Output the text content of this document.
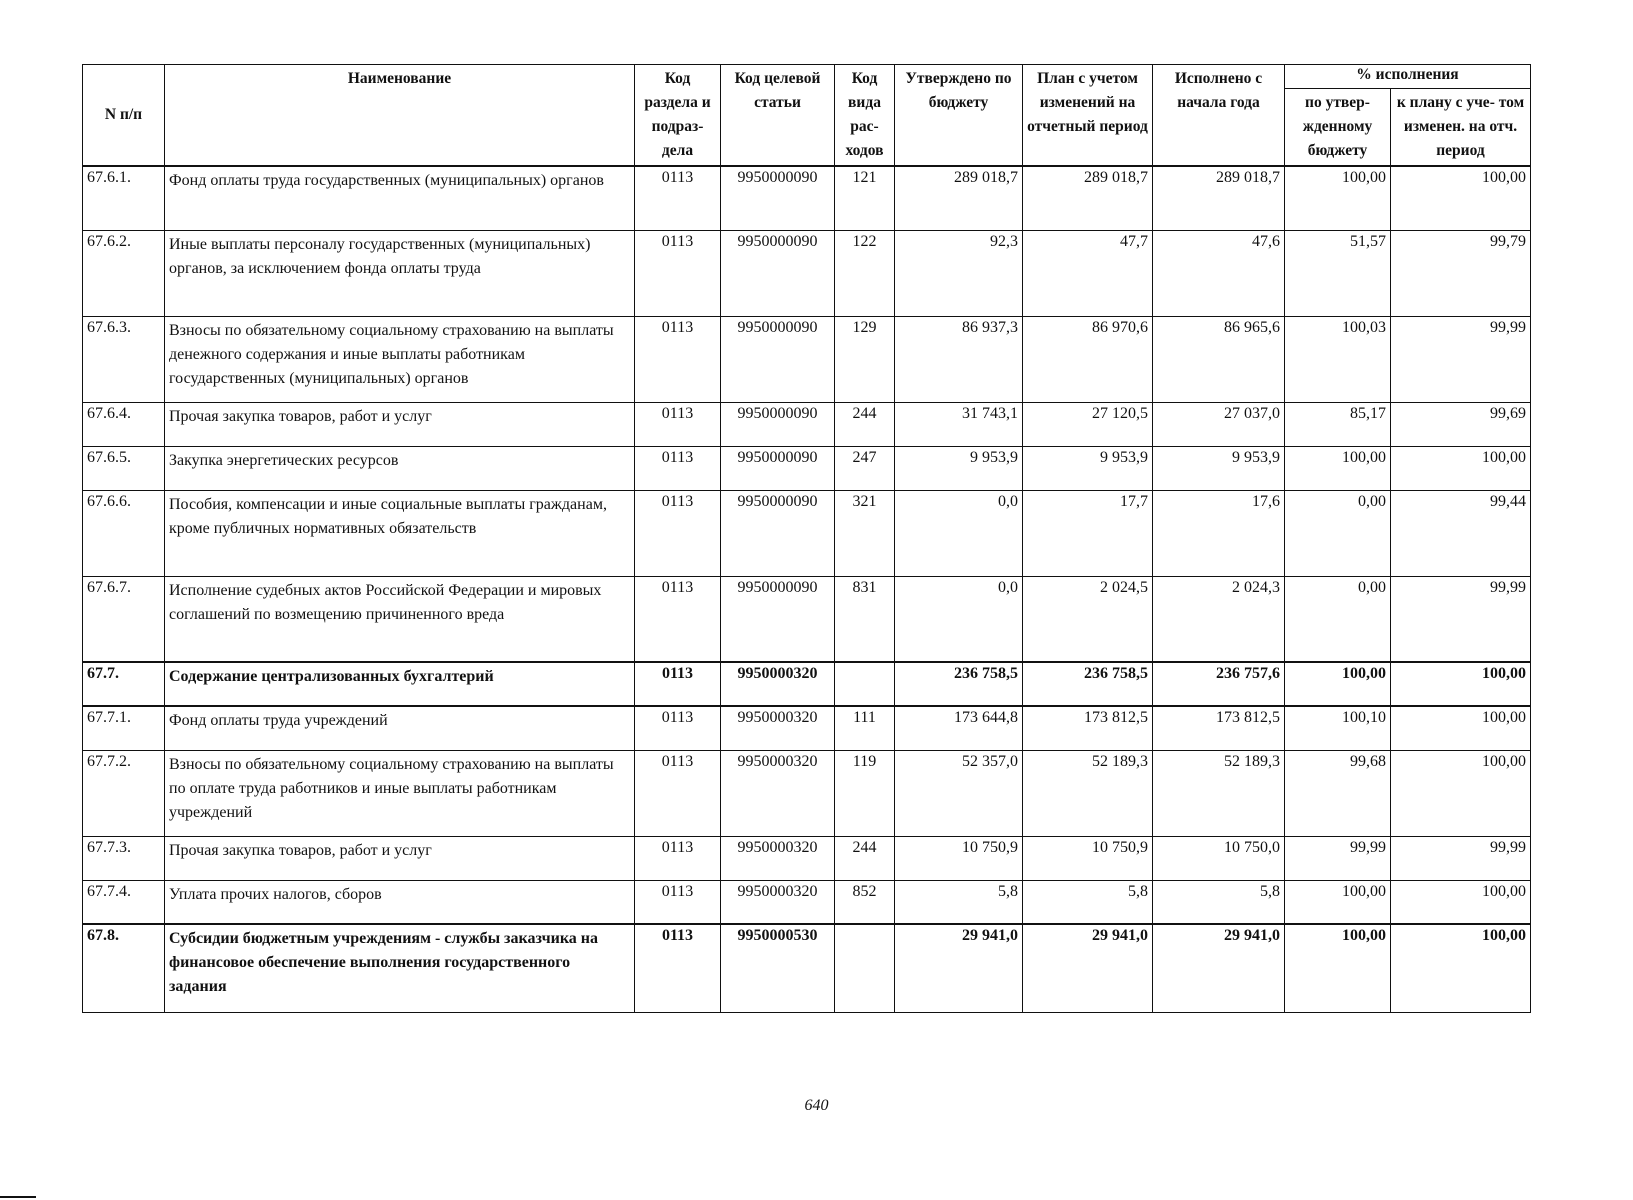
N п/п	Наименование	Код раздела и подраз- дела	Код целевой статьи	Код вида рас- ходов	Утверждено по бюджету	План с учетом изменений на отчетный период	Исполнено с начала года	% исполнения	
								по утвер- жденному бюджету	к плану с уче- том изменен. на отч. период
67.6.1.	Фонд оплаты труда государственных (муниципальных) органов	0113	9950000090	121	289 018,7	289 018,7	289 018,7	100,00	100,00
67.6.2.	Иные выплаты персоналу государственных (муниципальных) органов, за исключением фонда оплаты труда	0113	9950000090	122	92,3	47,7	47,6	51,57	99,79
67.6.3.	Взносы по обязательному социальному страхованию на выплаты денежного содержания и иные выплаты работникам государственных (муниципальных) органов	0113	9950000090	129	86 937,3	86 970,6	86 965,6	100,03	99,99
67.6.4.	Прочая закупка товаров, работ и услуг	0113	9950000090	244	31 743,1	27 120,5	27 037,0	85,17	99,69
67.6.5.	Закупка энергетических ресурсов	0113	9950000090	247	9 953,9	9 953,9	9 953,9	100,00	100,00
67.6.6.	Пособия, компенсации и иные социальные выплаты гражданам, кроме публичных нормативных обязательств	0113	9950000090	321	0,0	17,7	17,6	0,00	99,44
67.6.7.	Исполнение судебных актов Российской Федерации и мировых соглашений по возмещению причиненного вреда	0113	9950000090	831	0,0	2 024,5	2 024,3	0,00	99,99
67.7.	Содержание централизованных бухгалтерий	0113	9950000320		236 758,5	236 758,5	236 757,6	100,00	100,00
67.7.1.	Фонд оплаты труда учреждений	0113	9950000320	111	173 644,8	173 812,5	173 812,5	100,10	100,00
67.7.2.	Взносы по обязательному социальному страхованию на выплаты по оплате труда работников и иные выплаты работникам учреждений	0113	9950000320	119	52 357,0	52 189,3	52 189,3	99,68	100,00
67.7.3.	Прочая закупка товаров, работ и услуг	0113	9950000320	244	10 750,9	10 750,9	10 750,0	99,99	99,99
67.7.4.	Уплата прочих налогов, сборов	0113	9950000320	852	5,8	5,8	5,8	100,00	100,00
67.8.	Субсидии бюджетным учреждениям - службы заказчика на финансовое обеспечение выполнения государственного задания	0113	9950000530		29 941,0	29 941,0	29 941,0	100,00	100,00
640
